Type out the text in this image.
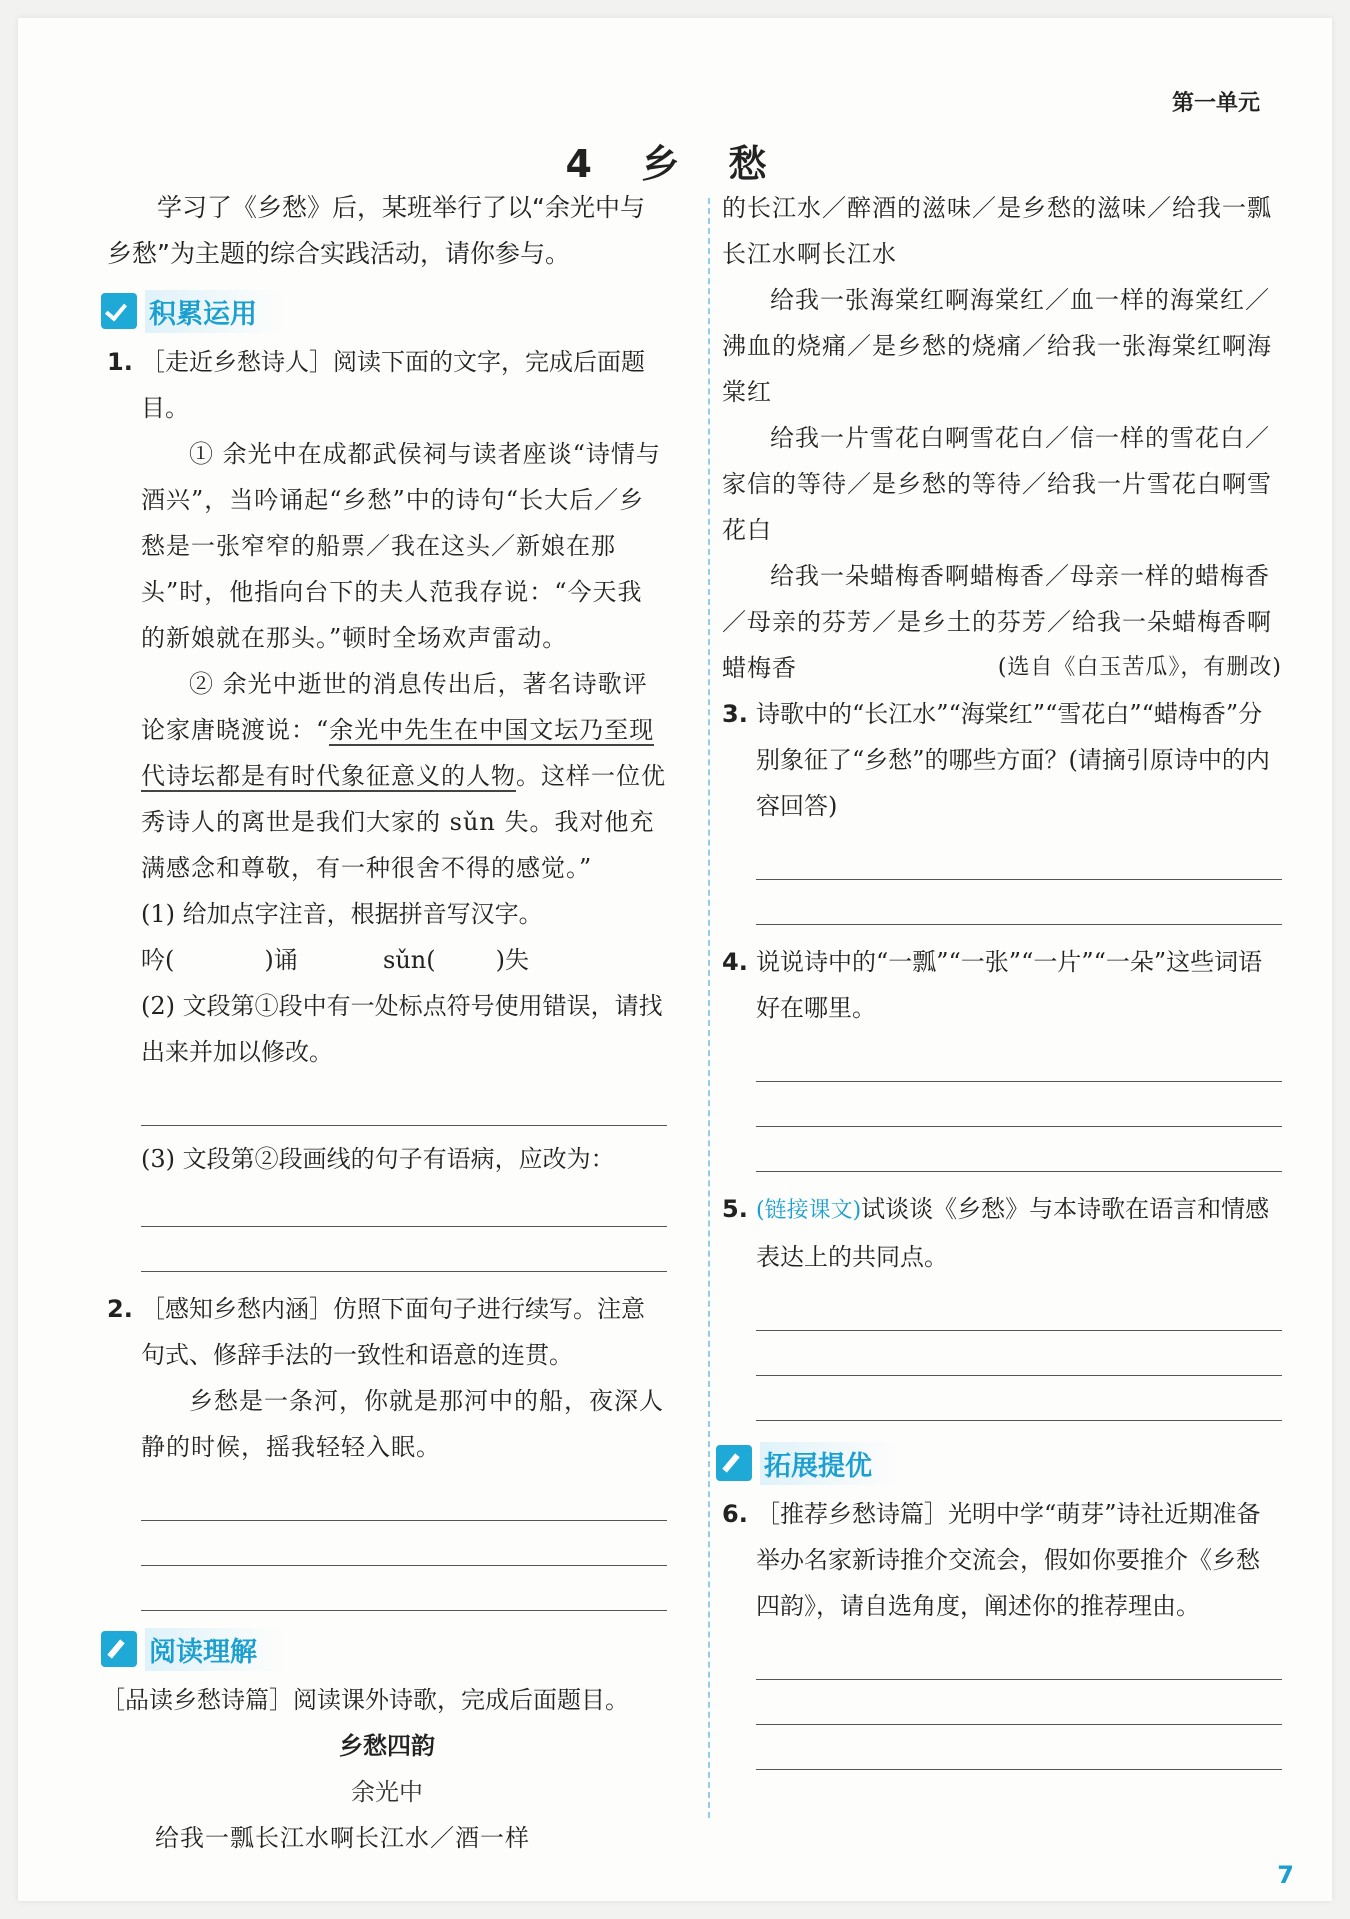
第一单元
4 乡 愁

学习了《乡愁》后，某班举行了以“余光中与乡愁”为主题的综合实践活动，请你参与。

积累运用
1. ［走近乡愁诗人］阅读下面的文字，完成后面题目。

① 余光中在成都武侯祠与读者座谈“诗情与酒兴”，当吟诵起“乡愁”中的诗句“长大后／乡愁是一张窄窄的船票／我在这头／新娘在那头”时，他指向台下的夫人范我存说：“今天我的新娘就在那头。”顿时全场欢声雷动。

② 余光中逝世的消息传出后，著名诗歌评论家唐晓渡说：“余光中先生在中国文坛乃至现代诗坛都是有时代象征意义的人物。这样一位优秀诗人的离世是我们大家的 sǔn 失。我对他充满感念和尊敬，有一种很舍不得的感觉。”

(1) 给加点字注音，根据拼音写汉字。

吟(	)诵	sǔn(	)失

(2) 文段第①段中有一处标点符号使用错误，请找出来并加以修改。

(3) 文段第②段画线的句子有语病，应改为：

2. ［感知乡愁内涵］仿照下面句子进行续写。注意句式、修辞手法的一致性和语意的连贯。

乡愁是一条河，你就是那河中的船，夜深人静的时候，摇我轻轻入眠。

阅读理解

［品读乡愁诗篇］阅读课外诗歌，完成后面题目。

乡愁四韵

余光中

给我一瓢长江水啊长江水／酒一样

的长江水／醉酒的滋味／是乡愁的滋味／给我一瓢长江水啊长江水

给我一张海棠红啊海棠红／血一样的海棠红／沸血的烧痛／是乡愁的烧痛／给我一张海棠红啊海棠红

给我一片雪花白啊雪花白／信一样的雪花白／家信的等待／是乡愁的等待／给我一片雪花白啊雪花白

给我一朵蜡梅香啊蜡梅香／母亲一样的蜡梅香／母亲的芬芳／是乡土的芬芳／给我一朵蜡梅香啊蜡梅香	(选自《白玉苦瓜》，有删改)

3. 诗歌中的“长江水”“海棠红”“雪花白”“蜡梅香”分别象征了“乡愁”的哪些方面？(请摘引原诗中的内容回答)

4. 说说诗中的“一瓢”“一张”“一片”“一朵”这些词语好在哪里。

5. (链接课文)试谈谈《乡愁》与本诗歌在语言和情感表达上的共同点。

拓展提优
6. ［推荐乡愁诗篇］光明中学“萌芽”诗社近期准备举办名家新诗推介交流会，假如你要推介《乡愁四韵》，请自选角度，阐述你的推荐理由。

7
